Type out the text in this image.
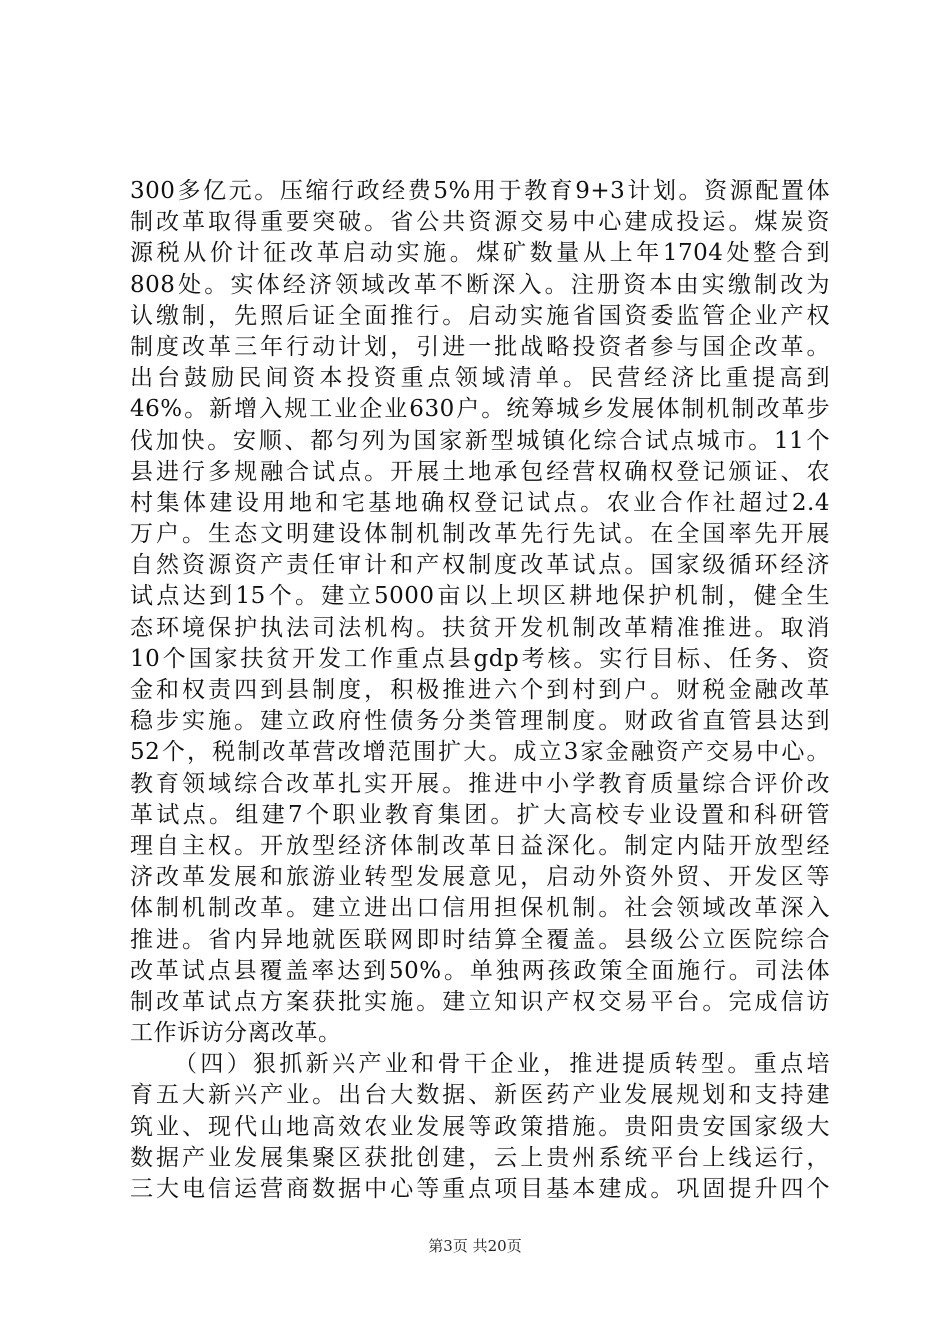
300多亿元。压缩行政经费5%用于教育9+3计划。资源配置体
制改革取得重要突破。省公共资源交易中心建成投运。煤炭资
源税从价计征改革启动实施。煤矿数量从上年1704处整合到
808处。实体经济领域改革不断深入。注册资本由实缴制改为
认缴制，先照后证全面推行。启动实施省国资委监管企业产权
制度改革三年行动计划，引进一批战略投资者参与国企改革。
出台鼓励民间资本投资重点领域清单。民营经济比重提高到
46%。新增入规工业企业630户。统筹城乡发展体制机制改革步
伐加快。安顺、都匀列为国家新型城镇化综合试点城市。11个
县进行多规融合试点。开展土地承包经营权确权登记颁证、农
村集体建设用地和宅基地确权登记试点。农业合作社超过2.4
万户。生态文明建设体制机制改革先行先试。在全国率先开展
自然资源资产责任审计和产权制度改革试点。国家级循环经济
试点达到15个。建立5000亩以上坝区耕地保护机制，健全生
态环境保护执法司法机构。扶贫开发机制改革精准推进。取消
10个国家扶贫开发工作重点县gdp考核。实行目标、任务、资
金和权责四到县制度，积极推进六个到村到户。财税金融改革
稳步实施。建立政府性债务分类管理制度。财政省直管县达到
52个，税制改革营改增范围扩大。成立3家金融资产交易中心。
教育领域综合改革扎实开展。推进中小学教育质量综合评价改
革试点。组建7个职业教育集团。扩大高校专业设置和科研管
理自主权。开放型经济体制改革日益深化。制定内陆开放型经
济改革发展和旅游业转型发展意见，启动外资外贸、开发区等
体制机制改革。建立进出口信用担保机制。社会领域改革深入
推进。省内异地就医联网即时结算全覆盖。县级公立医院综合
改革试点县覆盖率达到50%。单独两孩政策全面施行。司法体
制改革试点方案获批实施。建立知识产权交易平台。完成信访
工作诉访分离改革。
（四）狠抓新兴产业和骨干企业，推进提质转型。重点培
育五大新兴产业。出台大数据、新医药产业发展规划和支持建
筑业、现代山地高效农业发展等政策措施。贵阳贵安国家级大
数据产业发展集聚区获批创建，云上贵州系统平台上线运行，
三大电信运营商数据中心等重点项目基本建成。巩固提升四个
第3页 共20页
